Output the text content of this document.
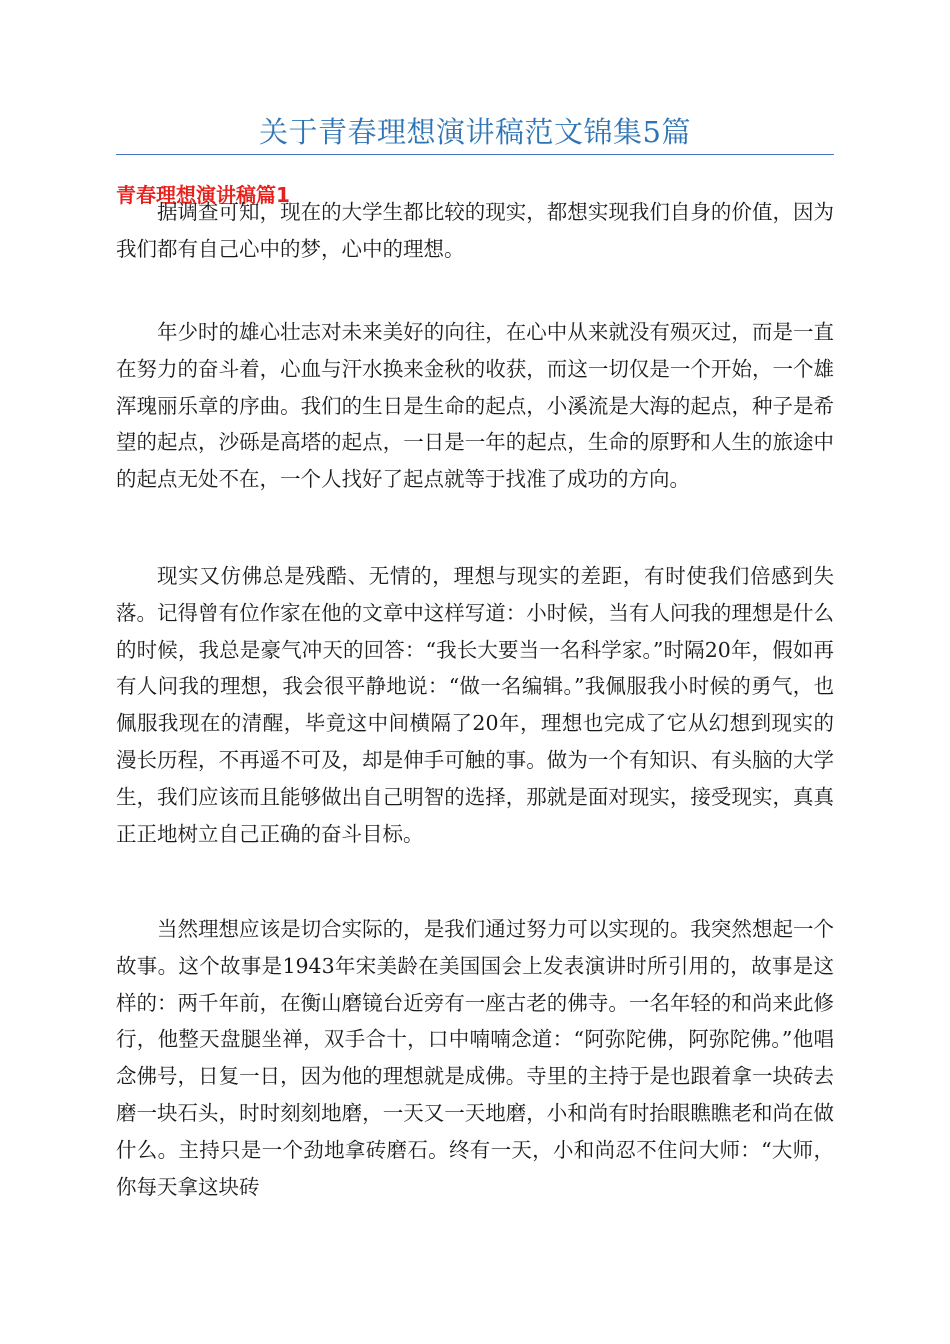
关于青春理想演讲稿范文锦集5篇
青春理想演讲稿篇1

据调查可知，现在的大学生都比较的现实，都想实现我们自身的价值，因为我们都有自己心中的梦，心中的理想。

年少时的雄心壮志对未来美好的向往，在心中从来就没有殒灭过，而是一直在努力的奋斗着，心血与汗水换来金秋的收获，而这一切仅是一个开始，一个雄浑瑰丽乐章的序曲。我们的生日是生命的起点，小溪流是大海的起点，种子是希望的起点，沙砾是高塔的起点，一日是一年的起点，生命的原野和人生的旅途中的起点无处不在，一个人找好了起点就等于找准了成功的方向。

现实又仿佛总是残酷、无情的，理想与现实的差距，有时使我们倍感到失落。记得曾有位作家在他的文章中这样写道：小时候，当有人问我的理想是什么的时候，我总是豪气冲天的回答：“我长大要当一名科学家。”时隔20年，假如再有人问我的理想，我会很平静地说：“做一名编辑。”我佩服我小时候的勇气，也佩服我现在的清醒，毕竟这中间横隔了20年，理想也完成了它从幻想到现实的漫长历程，不再遥不可及，却是伸手可触的事。做为一个有知识、有头脑的大学生，我们应该而且能够做出自己明智的选择，那就是面对现实，接受现实，真真正正地树立自己正确的奋斗目标。

当然理想应该是切合实际的，是我们通过努力可以实现的。我突然想起一个故事。这个故事是1943年宋美龄在美国国会上发表演讲时所引用的，故事是这样的：两千年前，在衡山磨镜台近旁有一座古老的佛寺。一名年轻的和尚来此修行，他整天盘腿坐禅，双手合十，口中喃喃念道：“阿弥陀佛，阿弥陀佛。”他唱念佛号，日复一日，因为他的理想就是成佛。寺里的主持于是也跟着拿一块砖去磨一块石头，时时刻刻地磨，一天又一天地磨，小和尚有时抬眼瞧瞧老和尚在做什么。主持只是一个劲地拿砖磨石。终有一天，小和尚忍不住问大师：“大师，你每天拿这块砖
